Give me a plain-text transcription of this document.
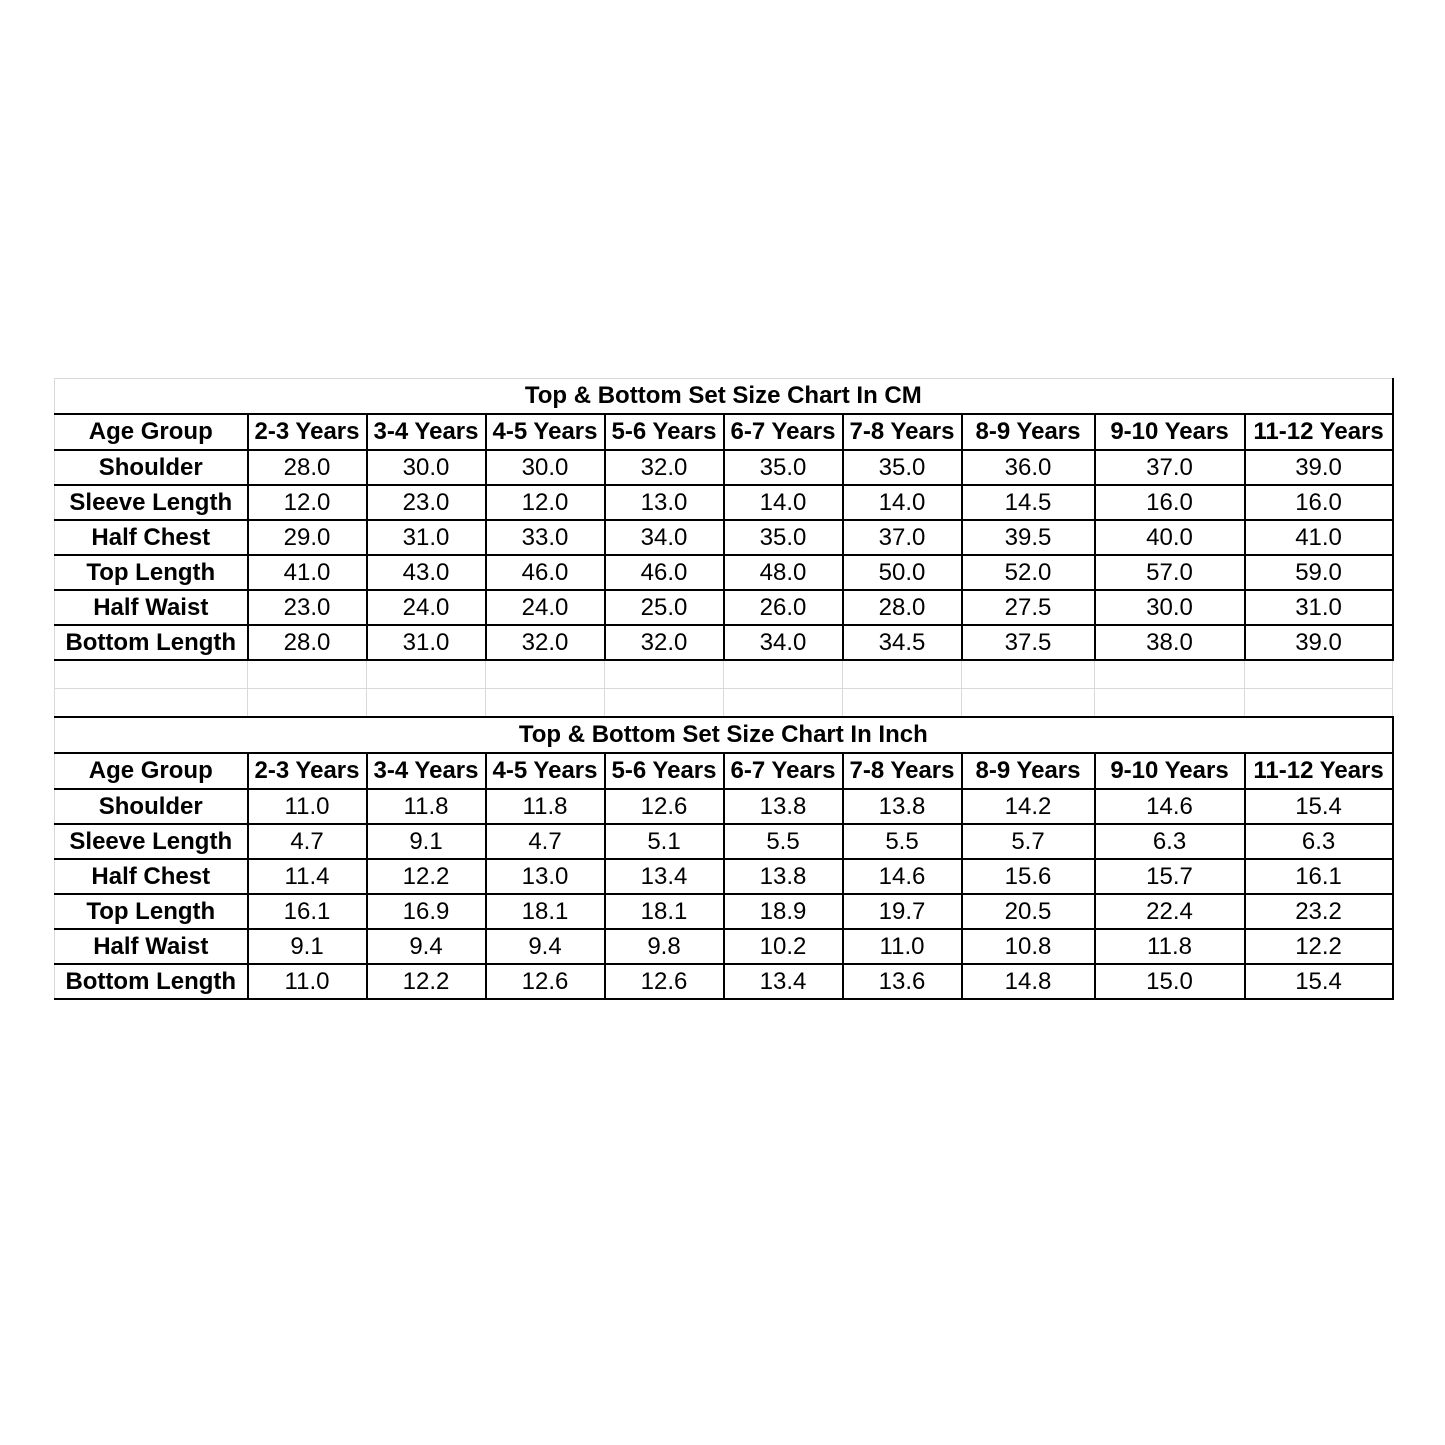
Top & Bottom Set Size Chart In CM									
Age Group	2-3 Years	3-4 Years	4-5 Years	5-6 Years	6-7 Years	7-8 Years	8-9 Years	9-10 Years	11-12 Years
Shoulder	28.0	30.0	30.0	32.0	35.0	35.0	36.0	37.0	39.0
Sleeve Length	12.0	23.0	12.0	13.0	14.0	14.0	14.5	16.0	16.0
Half Chest	29.0	31.0	33.0	34.0	35.0	37.0	39.5	40.0	41.0
Top Length	41.0	43.0	46.0	46.0	48.0	50.0	52.0	57.0	59.0
Half Waist	23.0	24.0	24.0	25.0	26.0	28.0	27.5	30.0	31.0
Bottom Length	28.0	31.0	32.0	32.0	34.0	34.5	37.5	38.0	39.0

Top & Bottom Set Size Chart In Inch									
Age Group	2-3 Years	3-4 Years	4-5 Years	5-6 Years	6-7 Years	7-8 Years	8-9 Years	9-10 Years	11-12 Years
Shoulder	11.0	11.8	11.8	12.6	13.8	13.8	14.2	14.6	15.4
Sleeve Length	4.7	9.1	4.7	5.1	5.5	5.5	5.7	6.3	6.3
Half Chest	11.4	12.2	13.0	13.4	13.8	14.6	15.6	15.7	16.1
Top Length	16.1	16.9	18.1	18.1	18.9	19.7	20.5	22.4	23.2
Half Waist	9.1	9.4	9.4	9.8	10.2	11.0	10.8	11.8	12.2
Bottom Length	11.0	12.2	12.6	12.6	13.4	13.6	14.8	15.0	15.4
